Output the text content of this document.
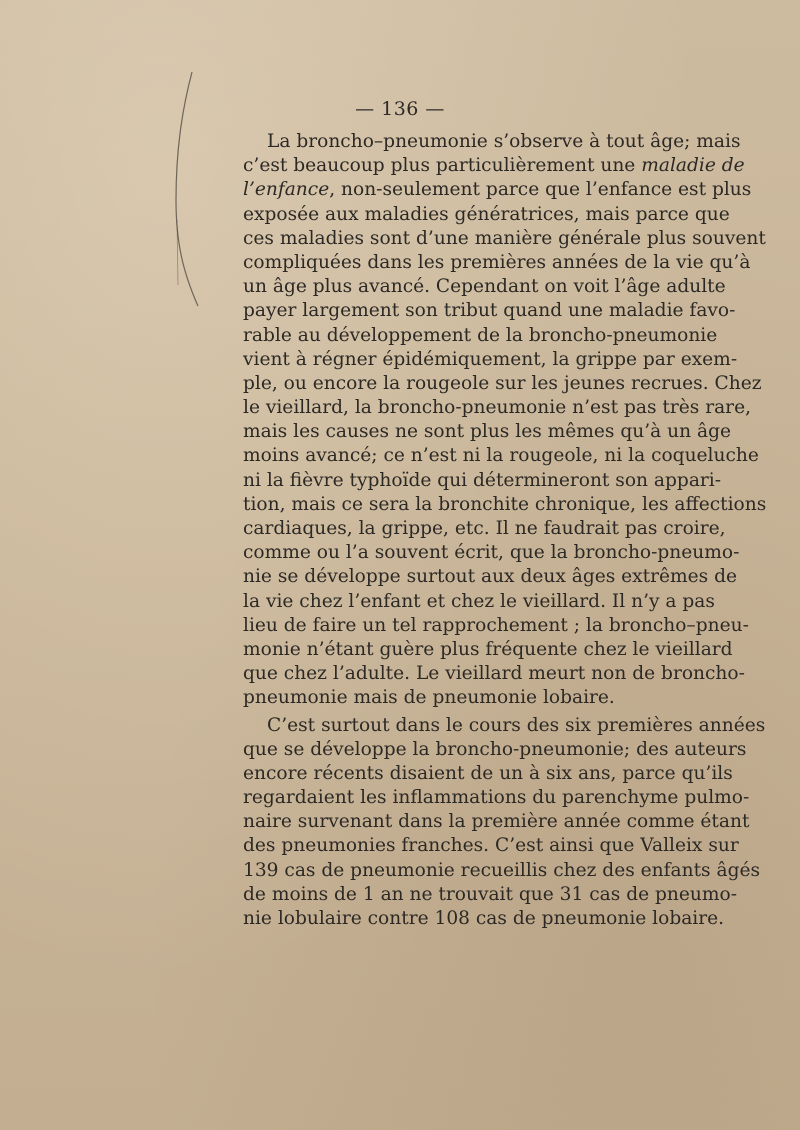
— 136 —
La broncho–pneumonie s’observe à tout âge; mais
c’est beaucoup plus particulièrement une maladie de
l’enfance, non-seulement parce que l’enfance est plus
exposée aux maladies génératrices, mais parce que
ces maladies sont d’une manière générale plus souvent
compliquées dans les premières années de la vie qu’à
un âge plus avancé. Cependant on voit l’âge adulte
payer largement son tribut quand une maladie favo-
rable au développement de la broncho-pneumonie
vient à régner épidémiquement, la grippe par exem-
ple, ou encore la rougeole sur les jeunes recrues. Chez
le vieillard, la broncho-pneumonie n’est pas très rare,
mais les causes ne sont plus les mêmes qu’à un âge
moins avancé; ce n’est ni la rougeole, ni la coqueluche
ni la fièvre typhoïde qui détermineront son appari-
tion, mais ce sera la bronchite chronique, les affections
cardiaques, la grippe, etc. Il ne faudrait pas croire,
comme ou l’a souvent écrit, que la broncho-pneumo-
nie se développe surtout aux deux âges extrêmes de
la vie chez l’enfant et chez le vieillard. Il n’y a pas
lieu de faire un tel rapprochement ; la broncho–pneu-
monie n’étant guère plus fréquente chez le vieillard
que chez l’adulte. Le vieillard meurt non de broncho-
pneumonie mais de pneumonie lobaire.
C’est surtout dans le cours des six premières années
que se développe la broncho-pneumonie; des auteurs
encore récents disaient de un à six ans, parce qu’ils
regardaient les inflammations du parenchyme pulmo-
naire survenant dans la première année comme étant
des pneumonies franches. C’est ainsi que Valleix sur
139 cas de pneumonie recueillis chez des enfants âgés
de moins de 1 an ne trouvait que 31 cas de pneumo-
nie lobulaire contre 108 cas de pneumonie lobaire.
